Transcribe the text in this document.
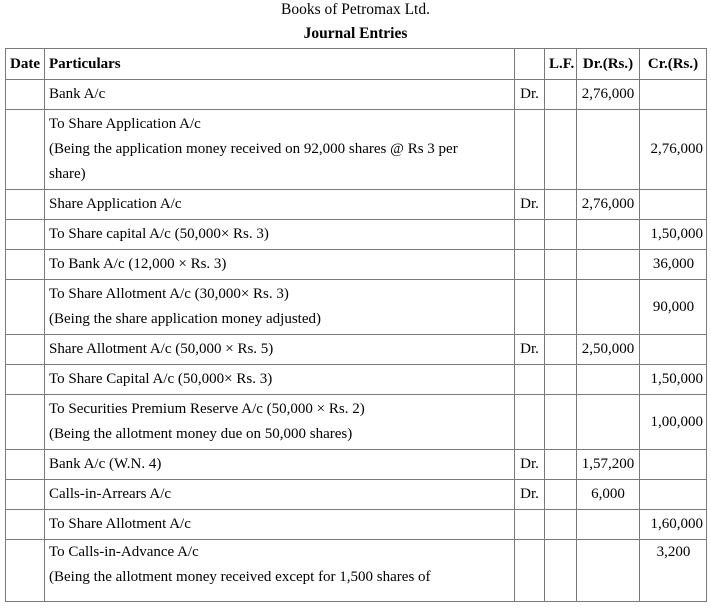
Books of Petromax Ltd.
Journal Entries
Date	Particulars		L.F.	Dr.(Rs.)	Cr.(Rs.)

	Bank A/c	Dr.		2,76,000	

	To Share Application A/c
(Being the application money received on 92,000 shares @ Rs 3 per
share)				2,76,000

	Share Application A/c	Dr.		2,76,000	

	To Share capital A/c (50,000× Rs. 3)				1,50,000

	To Bank A/c (12,000 × Rs. 3)				36,000

	To Share Allotment A/c (30,000× Rs. 3)
(Being the share application money adjusted)				90,000

	Share Allotment A/c (50,000 × Rs. 5)	Dr.		2,50,000	

	To Share Capital A/c (50,000× Rs. 3)				1,50,000

	To Securities Premium Reserve A/c (50,000 × Rs. 2)
(Being the allotment money due on 50,000 shares)				1,00,000

	Bank A/c (W.N. 4)	Dr.		1,57,200	

	Calls-in-Arrears A/c	Dr.		6,000	

	To Share Allotment A/c				1,60,000

	To Calls-in-Advance A/c
(Being the allotment money received except for 1,500 shares of				3,200
